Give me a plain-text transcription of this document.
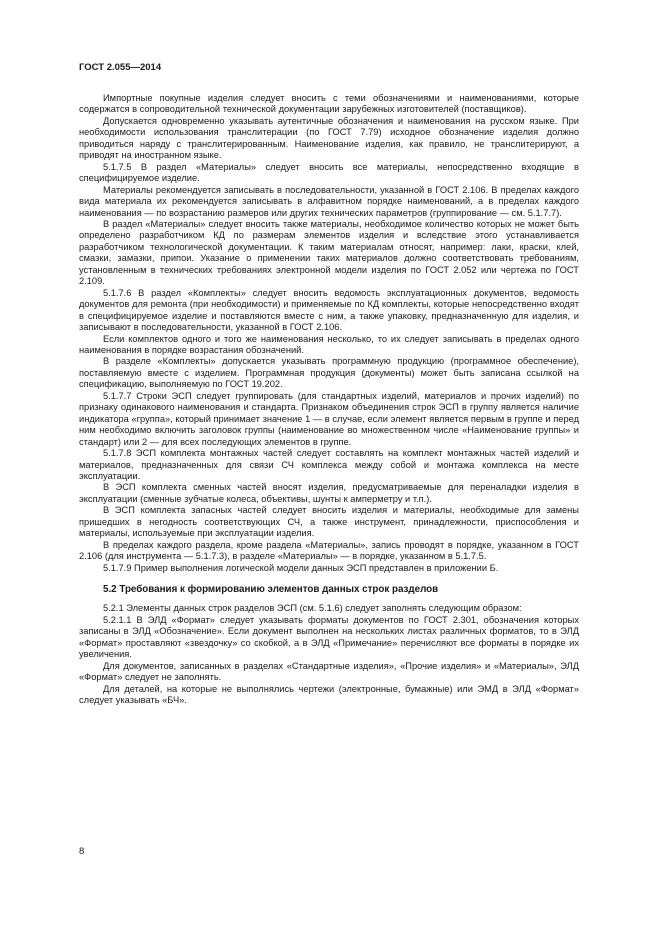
ГОСТ 2.055—2014

Импортные покупные изделия следует вносить с теми обозначениями и наименованиями, которые содержатся в сопроводительной технической документации зарубежных изготовителей (поставщиков).

Допускается одновременно указывать аутентичные обозначения и наименования на русском языке. При необходимости использования транслитерации (по ГОСТ 7.79) исходное обозначение изделия должно приводиться наряду с транслитерированным. Наименование изделия, как правило, не транслитерируют, а приводят на иностранном языке.

5.1.7.5 В раздел «Материалы» следует вносить все материалы, непосредственно входящие в специфицируемое изделие.

Материалы рекомендуется записывать в последовательности, указанной в ГОСТ 2.106. В пределах каждого вида материала их рекомендуется записывать в алфавитном порядке наименований, а в пределах каждого наименования — по возрастанию размеров или других технических параметров (группирование — см. 5.1.7.7).

В раздел «Материалы» следует вносить также материалы, необходимое количество которых не может быть определено разработчиком КД по размерам элементов изделия и вследствие этого устанавливается разработчиком технологической документации. К таким материалам относят, например: лаки, краски, клей, смазки, замазки, припои. Указание о применении таких материалов должно соответствовать требованиям, установленным в технических требованиях электронной модели изделия по ГОСТ 2.052 или чертежа по ГОСТ 2.109.

5.1.7.6 В раздел «Комплекты» следует вносить ведомость эксплуатационных документов, ведомость документов для ремонта (при необходимости) и применяемые по КД комплекты, которые непосредственно входят в специфицируемое изделие и поставляются вместе с ним, а также упаковку, предназначенную для изделия, и записывают в последовательности, указанной в ГОСТ 2.106.

Если комплектов одного и того же наименования несколько, то их следует записывать в пределах одного наименования в порядке возрастания обозначений.

В разделе «Комплекты» допускается указывать программную продукцию (программное обеспечение), поставляемую вместе с изделием. Программная продукция (документы) может быть записана ссылкой на спецификацию, выполняемую по ГОСТ 19.202.

5.1.7.7 Строки ЭСП следует группировать (для стандартных изделий, материалов и прочих изделий) по признаку одинакового наименования и стандарта. Признаком объединения строк ЭСП в группу является наличие индикатора «группа», который принимает значение 1 — в случае, если элемент является первым в группе и перед ним необходимо включить заголовок группы (наименование во множественном числе «Наименование группы» и стандарт) или 2 — для всех последующих элементов в группе.

5.1.7.8 ЭСП комплекта монтажных частей следует составлять на комплект монтажных частей изделий и материалов, предназначенных для связи СЧ комплекса между собой и монтажа комплекса на месте эксплуатации.

В ЭСП комплекта сменных частей вносят изделия, предусматриваемые для переналадки изделия в эксплуатации (сменные зубчатые колеса, объективы, шунты к амперметру и т.п.).

В ЭСП комплекта запасных частей следует вносить изделия и материалы, необходимые для замены пришедших в негодность соответствующих СЧ, а также инструмент, принадлежности, приспособления и материалы, используемые при эксплуатации изделия.

В пределах каждого раздела, кроме раздела «Материалы», запись проводят в порядке, указанном в ГОСТ 2.106 (для инструмента — 5.1.7.3), в разделе «Материалы» — в порядке, указанном в 5.1.7.5.

5.1.7.9 Пример выполнения логической модели данных ЭСП представлен в приложении Б.

5.2 Требования к формированию элементов данных строк разделов

5.2.1 Элементы данных строк разделов ЭСП (см. 5.1.6) следует заполнять следующим образом:

5.2.1.1 В ЭЛД «Формат» следует указывать форматы документов по ГОСТ 2.301, обозначения которых записаны в ЭЛД «Обозначение». Если документ выполнен на нескольких листах различных форматов, то в ЭЛД «Формат» проставляют «звездочку» со скобкой, а в ЭЛД «Примечание» перечисляют все форматы в порядке их увеличения.

Для документов, записанных в разделах «Стандартные изделия», «Прочие изделия» и «Материалы», ЭЛД «Формат» следует не заполнять.

Для деталей, на которые не выполнялись чертежи (электронные, бумажные) или ЭМД в ЭЛД «Формат» следует указывать «БЧ».

8
